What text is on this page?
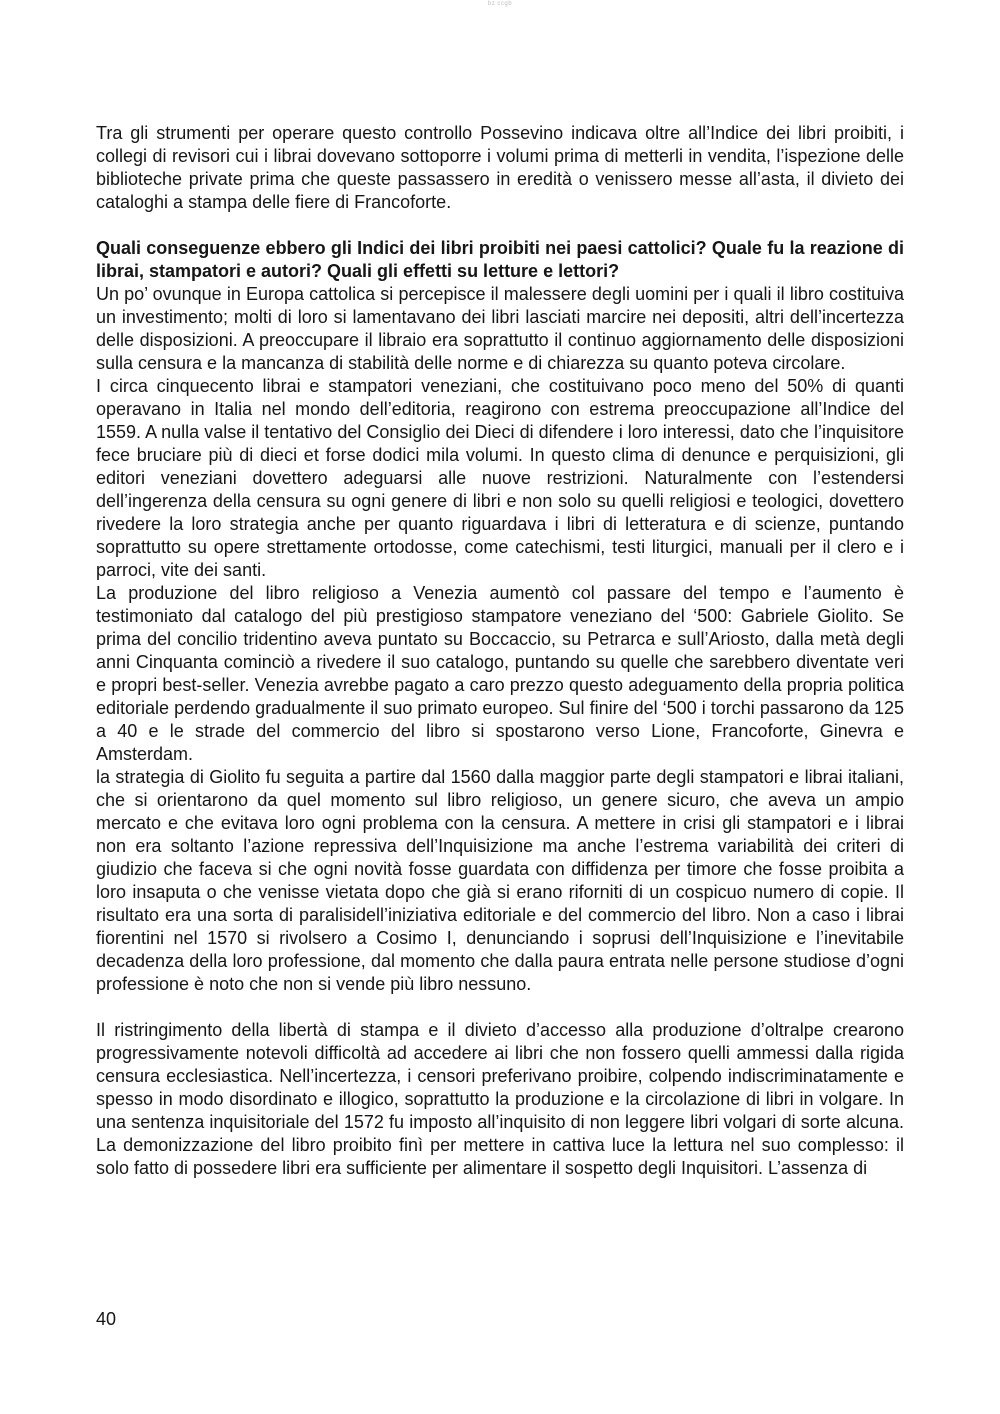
bz ccgb

Tra gli strumenti per operare questo controllo Possevino indicava oltre all’Indice dei libri proibiti, i collegi di revisori cui i librai dovevano sottoporre i volumi prima di metterli in vendita, l’ispezione delle biblioteche private prima che queste passassero in eredità o venissero messe all’asta, il divieto dei cataloghi a stampa delle fiere di Francoforte.

Quali conseguenze ebbero gli Indici dei libri proibiti nei paesi cattolici? Quale fu la reazione di librai, stampatori e autori? Quali gli effetti su letture e lettori?

Un po’ ovunque in Europa cattolica si percepisce il malessere degli uomini per i quali il libro costituiva un investimento; molti di loro si lamentavano dei libri lasciati marcire nei depositi, altri dell’incertezza delle disposizioni. A preoccupare il libraio era soprattutto il continuo aggiornamento delle disposizioni sulla censura e la mancanza di stabilità delle norme e di chiarezza su quanto poteva circolare.

I circa cinquecento librai e stampatori veneziani, che costituivano poco meno del 50% di quanti operavano in Italia nel mondo dell’editoria, reagirono con estrema preoccupazione all’Indice del 1559. A nulla valse il tentativo del Consiglio dei Dieci di difendere i loro interessi, dato che l’inquisitore fece bruciare più di dieci et forse dodici mila volumi. In questo clima di denunce e perquisizioni, gli editori veneziani dovettero adeguarsi alle nuove restrizioni. Naturalmente con l’estendersi dell’ingerenza della censura su ogni genere di libri e non solo su quelli religiosi e teologici, dovettero rivedere la loro strategia anche per quanto riguardava i libri di letteratura e di scienze, puntando soprattutto su opere strettamente ortodosse, come catechismi, testi liturgici, manuali per il clero e i parroci, vite dei santi.

La produzione del libro religioso a Venezia aumentò col passare del tempo e l’aumento è testimoniato dal catalogo del più prestigioso stampatore veneziano del ‘500: Gabriele Giolito. Se prima del concilio tridentino aveva puntato su Boccaccio, su Petrarca e sull’Ariosto, dalla metà degli anni Cinquanta cominciò a rivedere il suo catalogo, puntando su quelle che sarebbero diventate veri e propri best-seller. Venezia avrebbe pagato a caro prezzo questo adeguamento della propria politica editoriale perdendo gradualmente il suo primato europeo. Sul finire del ‘500 i torchi passarono da 125 a 40 e le strade del commercio del libro si spostarono verso Lione, Francoforte, Ginevra e Amsterdam.

la strategia di Giolito fu seguita a partire dal 1560 dalla maggior parte degli stampatori e librai italiani, che si orientarono da quel momento sul libro religioso, un genere sicuro, che aveva un ampio mercato e che evitava loro ogni problema con la censura. A mettere in crisi gli stampatori e i librai non era soltanto l’azione repressiva dell’Inquisizione ma anche l’estrema variabilità dei criteri di giudizio che faceva si che ogni novità fosse guardata con diffidenza per timore che fosse proibita a loro insaputa o che venisse vietata dopo che già si erano riforniti di un cospicuo numero di copie. Il risultato era una sorta di paralisidell’iniziativa editoriale e del commercio del libro. Non a caso i librai fiorentini nel 1570 si rivolsero a Cosimo I, denunciando i soprusi dell’Inquisizione e l’inevitabile decadenza della loro professione, dal momento che dalla paura entrata nelle persone studiose d’ogni professione è noto che non si vende più libro nessuno.

Il ristringimento della libertà di stampa e il divieto d’accesso alla produzione d’oltralpe crearono progressivamente notevoli difficoltà ad accedere ai libri che non fossero quelli ammessi dalla rigida censura ecclesiastica. Nell’incertezza, i censori preferivano proibire, colpendo indiscriminatamente e spesso in modo disordinato e illogico, soprattutto la produzione e la circolazione di libri in volgare. In una sentenza inquisitoriale del 1572 fu imposto all’inquisito di non leggere libri volgari di sorte alcuna. La demonizzazione del libro proibito finì per mettere in cattiva luce la lettura nel suo complesso: il solo fatto di possedere libri era sufficiente per alimentare il sospetto degli Inquisitori. L’assenza di

40
